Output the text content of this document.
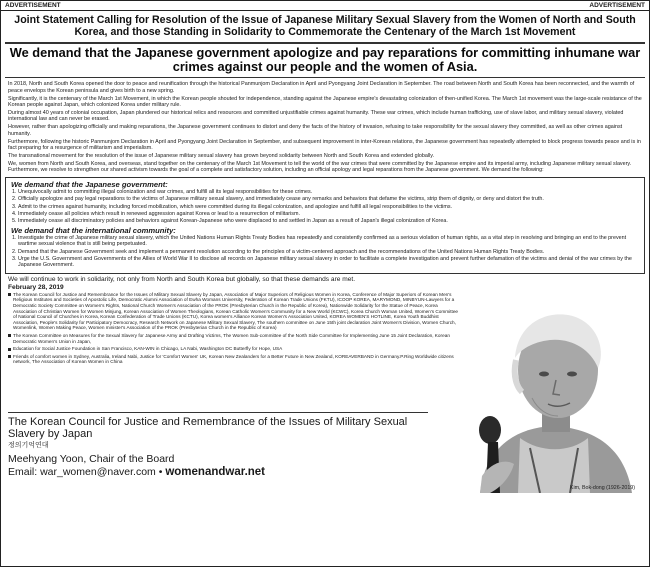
ADVERTISEMENT	ADVERTISEMENT
Joint Statement Calling for Resolution of the Issue of Japanese Military Sexual Slavery from the Women of North and South Korea, and those Standing in Solidarity to Commemorate the Centenary of the March 1st Movement
We demand that the Japanese government apologize and pay reparations for committing inhumane war crimes against our people and the women of Asia.

In 2018, North and South Korea opened the door to peace and reunification through the historical Panmunjom Declaration in April and Pyongyang Joint Declaration in September. The road between North and South Korea has been reconnected, and the warmth of peace envelops the Korean peninsula and gives birth to a new spring.

Significantly, it is the centenary of the March 1st Movement, in which the Korean people shouted for independence, standing against the Japanese empire's devastating colonization of then-unified Korea. The March 1st movement was the large-scale resistance of the Korean people against Japan, which colonized Korea under military rule.

During almost 40 years of colonial occupation, Japan plundered our historical relics and resources and committed unjustifiable crimes against humanity. These war crimes, which include human trafficking, use of slave labor, and military sexual slavery, violated international law and can never be erased.

However, rather than apologizing officially and making reparations, the Japanese government continues to distort and deny the facts of the history of invasion, refusing to take responsibility for the sexual slavery they committed, as well as other crimes against humanity.

Furthermore, following the historic Panmunjom Declaration in April and Pyongyang Joint Declaration in September, and subsequent improvement in inter-Korean relations, the Japanese government has repeatedly attempted to block progress towards peace and is in fact preparing for a resurgence of militarism and imperialism.

The transnational movement for the resolution of the issue of Japanese military sexual slavery has grown beyond solidarity between North and South Korea and extended globally.

We, women from North and South Korea, and overseas, stand together on the centenary of the March 1st Movement to tell the world of the war crimes that were committed by the Japanese empire and its imperial army, including Japanese military sexual slavery. Furthermore, we resolve to strengthen our shared activism towards the goal of a complete and satisfactory solution, including an official apology and legal reparations from the Japanese government. We demand the following:

We demand that the Japanese government:
1. Unequivocally admit to committing illegal colonization and war crimes, and fulfill all its legal responsibilities for these crimes.
2. Officially apologize and pay legal reparations to the victims of Japanese military sexual slavery, and immediately cease any remarks and behaviors that defame the victims, strip them of dignity, or deny and distort the truth.
3. Admit to the crimes against humanity, including forced mobilization, which were committed during its illegal colonization, and apologize and fulfill all legal responsibilities to the victims.
4. Immediately cease all policies which result in renewed aggression against Korea or lead to a resurrection of militarism.
5. Immediately cease all discriminatory policies and behaviors against Korean-Japanese who were displaced to and settled in Japan as a result of Japan's illegal colonization of Korea.
We demand that the international community:
1. Investigate the crime of Japanese military sexual slavery, which the United Nations Human Rights Treaty Bodies has repeatedly and consistently confirmed as a serious violation of human rights, as a vital step in resolving and bringing an end to the prevent wartime sexual violence that is still being perpetuated.
2. Demand that the Japanese Government seek and implement a permanent resolution according to the principles of a victim-centered approach and the recommendations of the United Nations Human Rights Treaty Bodies.
3. Urge the U.S. Government and Governments of the Allies of World War II to disclose all records on Japanese military sexual slavery in order to facilitate a complete investigation and prevent further defamation of the victims and denial of the war crimes by the Japanese Government.
We will continue to work in solidarity, not only from North and South Korea but globally, so that these demands are met.
February 28, 2019
The Korean Council for Justice and Remembrance for the Issues of Military Sexual Slavery by Japan, Association of Major Superiors of Religious Women in Korea, Conference of Major Superiors of Korean Men's Religious Institutes and Societies of Apostolic Life, Democratic Alumni Association of Ewha Womans University, Federation of Korean Trade Unions (FKTU), ICOOP KOREA, MARYMOND, MINBYUN-Lawyers for a Democratic Society Committee on Women's Rights, National Church Women's Association of the PROK (Presbyterian Church in the Republic of Korea), Nationwide Solidarity for the Statue of Peace, Korea Association of Christian Women for Women Minjung, Korean Association of Women Theologians, Korean Catholic Women's Community for a New World (KCWC), Korea Church Woman United, Women's Committee of National Council of Churches in Korea, Korean Confederation of Trade Unions (KCTU), Korea women's Alliance Korean Women's Association United, KOREA WOMEN'S HOTLINE, Korea Youth Buddhist Association, People's Solidarity for Participatory Democracy, Research Network on Japanese Military Sexual Slavery, The southern committee on June 15th joint declaration Joint Women's Division, Women Church, Womenlink, Women Making Peace, Women minister's Association of the PROK (Presbyterian Church in the Republic of Korea)
The Korean Committee on Measures for the Sexual Slavery for Japanese Army and Drafting Victims, The Women Sub-committee of the North Side Committee for Implementing June 15 Joint Declaration, Korean Democratic Women's Union in Japan,
Education for Social Justice Foundation in San Francisco, KAN-WIN in Chicago, LA Nabi, Washington DC Butterfly for Hope, USA
Friends of comfort women in Sydney, Australia, Ireland Nabi, Justice for 'Comfort Women' UK, Korean New Zealanders for a Better Future in New Zealand, KOREAVERBAND in Germany.P.Ring Worldwide citizens network, The Association of Korean Women in China
The Korean Council for Justice and Remembrance of the Issues of Military Sexual Slavery by Japan
정의기억연대
Meehyang Yoon, Chair of the Board
Email: war_women@naver.com • womenandwar.net
Kim, Bok-dong (1926-2019)
